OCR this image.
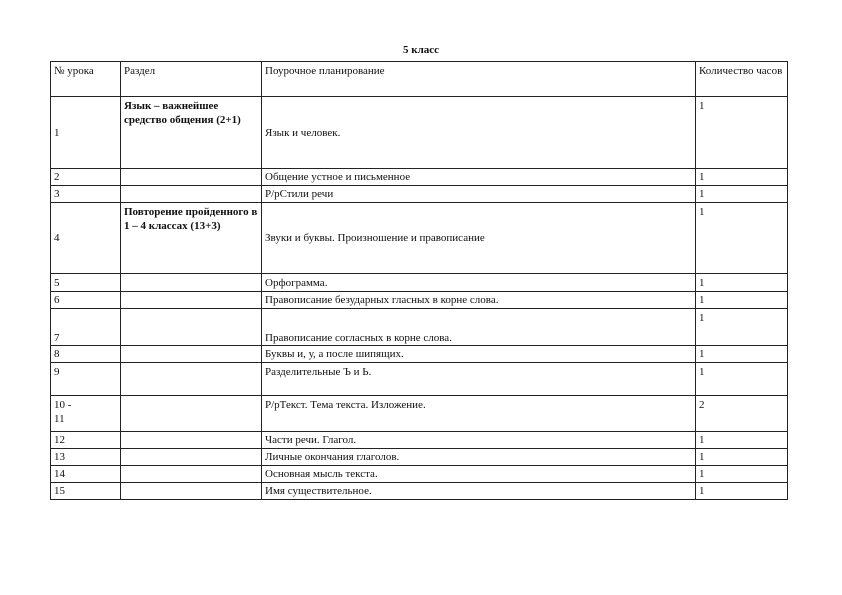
5 класс
№ урока	Раздел	Поурочное планирование	Количество часов
1	Язык – важнейшее средство общения (2+1)	Язык и человек.	1
2		Общение устное и письменное	1
3		Р/рСтили речи	1
4	Повторение пройденного в 1 – 4 классах (13+3)	Звуки и буквы. Произношение и правописание	1
5		Орфограмма.	1
6		Правописание безударных гласных в корне слова.	1
7		Правописание согласных в корне слова.	1
8		Буквы и, у, а после шипящих.	1
9		Разделительные Ъ и Ь.	1
10 - 11		Р/рТекст. Тема текста. Изложение.	2
12		Части речи. Глагол.	1
13		Личные окончания глаголов.	1
14		Основная мысль текста.	1
15		Имя существительное.	1
